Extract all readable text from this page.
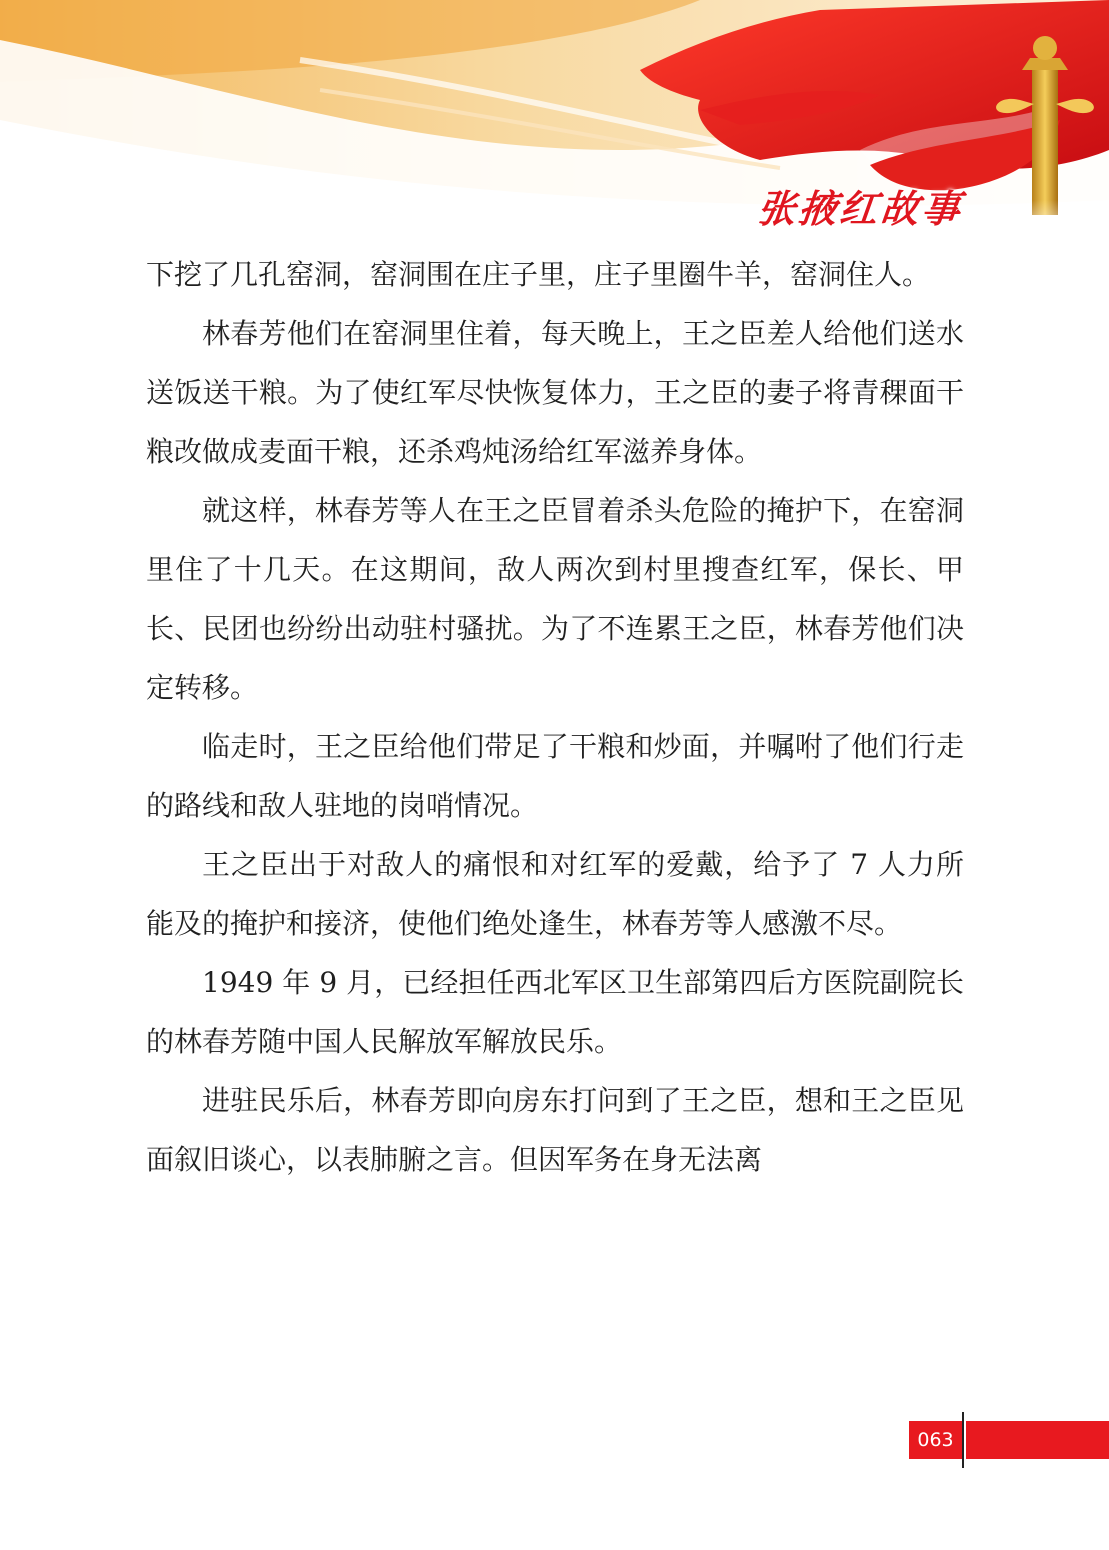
张掖红故事

下挖了几孔窑洞，窑洞围在庄子里，庄子里圈牛羊，窑洞住人。

林春芳他们在窑洞里住着，每天晚上，王之臣差人给他们送水送饭送干粮。为了使红军尽快恢复体力，王之臣的妻子将青稞面干粮改做成麦面干粮，还杀鸡炖汤给红军滋养身体。

就这样，林春芳等人在王之臣冒着杀头危险的掩护下，在窑洞里住了十几天。在这期间，敌人两次到村里搜查红军，保长、甲长、民团也纷纷出动驻村骚扰。为了不连累王之臣，林春芳他们决定转移。

临走时，王之臣给他们带足了干粮和炒面，并嘱咐了他们行走的路线和敌人驻地的岗哨情况。

王之臣出于对敌人的痛恨和对红军的爱戴，给予了 7 人力所能及的掩护和接济，使他们绝处逢生，林春芳等人感激不尽。

1949 年 9 月，已经担任西北军区卫生部第四后方医院副院长的林春芳随中国人民解放军解放民乐。

进驻民乐后，林春芳即向房东打问到了王之臣，想和王之臣见面叙旧谈心，以表肺腑之言。但因军务在身无法离

063
